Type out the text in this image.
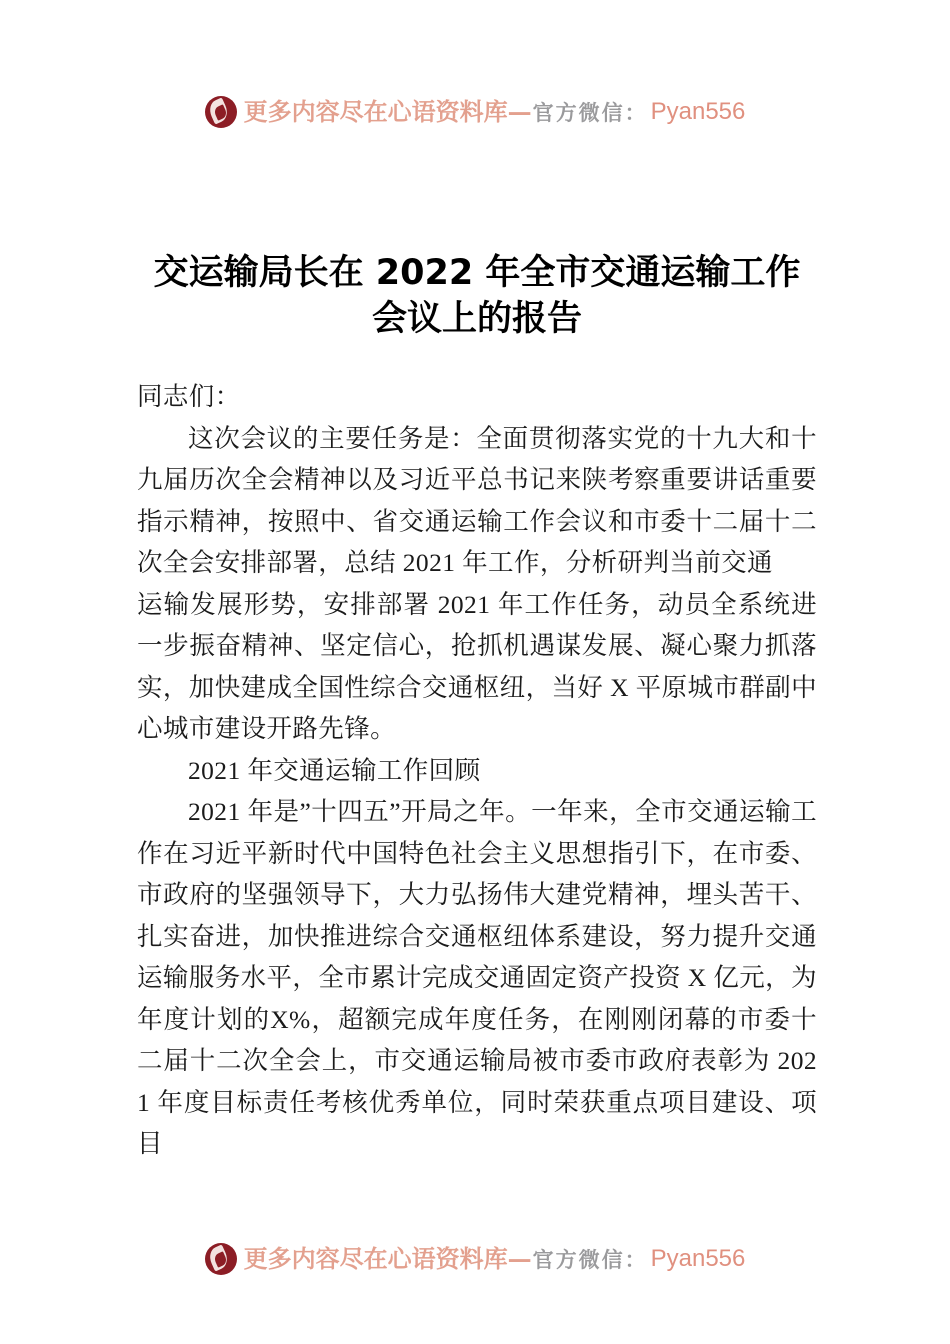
更多内容尽在心语资料库 — 官方微信： Pyan556
交运输局长在 2022 年全市交通运输工作会议上的报告

同志们：

这次会议的主要任务是：全面贯彻落实党的十九大和十九届历次全会精神以及习近平总书记来陕考察重要讲话重要指示精神，按照中、省交通运输工作会议和市委十二届十二次全会安排部署，总结 2021 年工作，分析研判当前交通

运输发展形势，安排部署 2021 年工作任务，动员全系统进一步振奋精神、坚定信心，抢抓机遇谋发展、凝心聚力抓落实，加快建成全国性综合交通枢纽，当好 X 平原城市群副中心城市建设开路先锋。

2021 年交通运输工作回顾

2021 年是”十四五”开局之年。一年来，全市交通运输工作在习近平新时代中国特色社会主义思想指引下，在市委、 市政府的坚强领导下，大力弘扬伟大建党精神，埋头苦干、 扎实奋进，加快推进综合交通枢纽体系建设，努力提升交通运输服务水平，全市累计完成交通固定资产投资 X 亿元，为年度计划的X%，超额完成年度任务，在刚刚闭幕的市委十二届十二次全会上，市交通运输局被市委市政府表彰为 2021 年度目标责任考核优秀单位，同时荣获重点项目建设、项目

更多内容尽在心语资料库 — 官方微信： Pyan556
